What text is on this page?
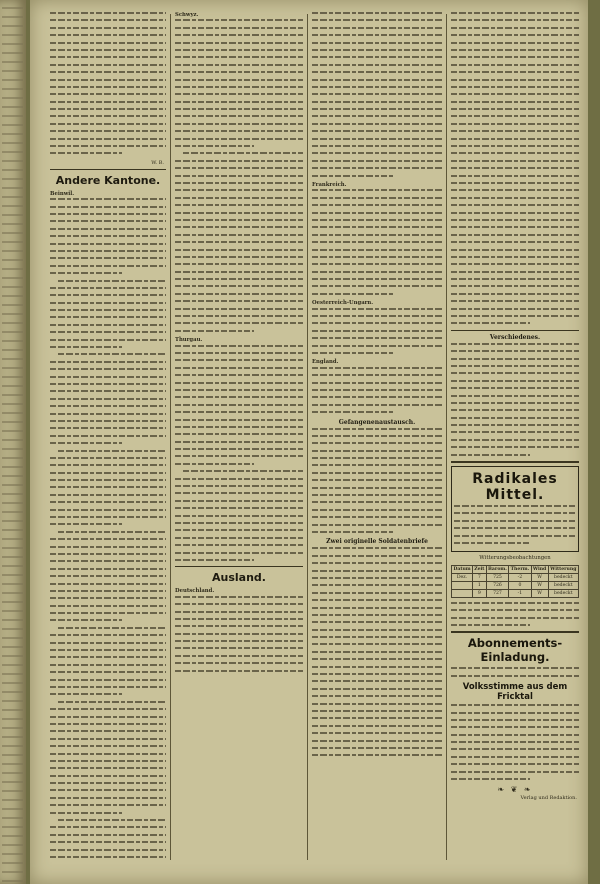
W. B.
Andere Kantone.
Beinwil.
Schwyz.
Thurgau.
Ausland.
Deutschland.
Frankreich.
Oesterreich-Ungarn.
England.
Gefangenenaustausch.
Zwei originelle Soldatenbriefe
Verschiedenes.
Radikales Mittel.
Witterungsbeobachtungen
Datum	Zeit	Barom.	Therm.	Wind	Witterung
Dez.	7	725	-2	W	bedeckt
	1	726	0	W	bedeckt
	9	727	-1	W	bedeckt
Abonnements-Einladung.
Volksstimme aus dem Fricktal
❧ ❦ ❧
Verlag und Redaktion.
